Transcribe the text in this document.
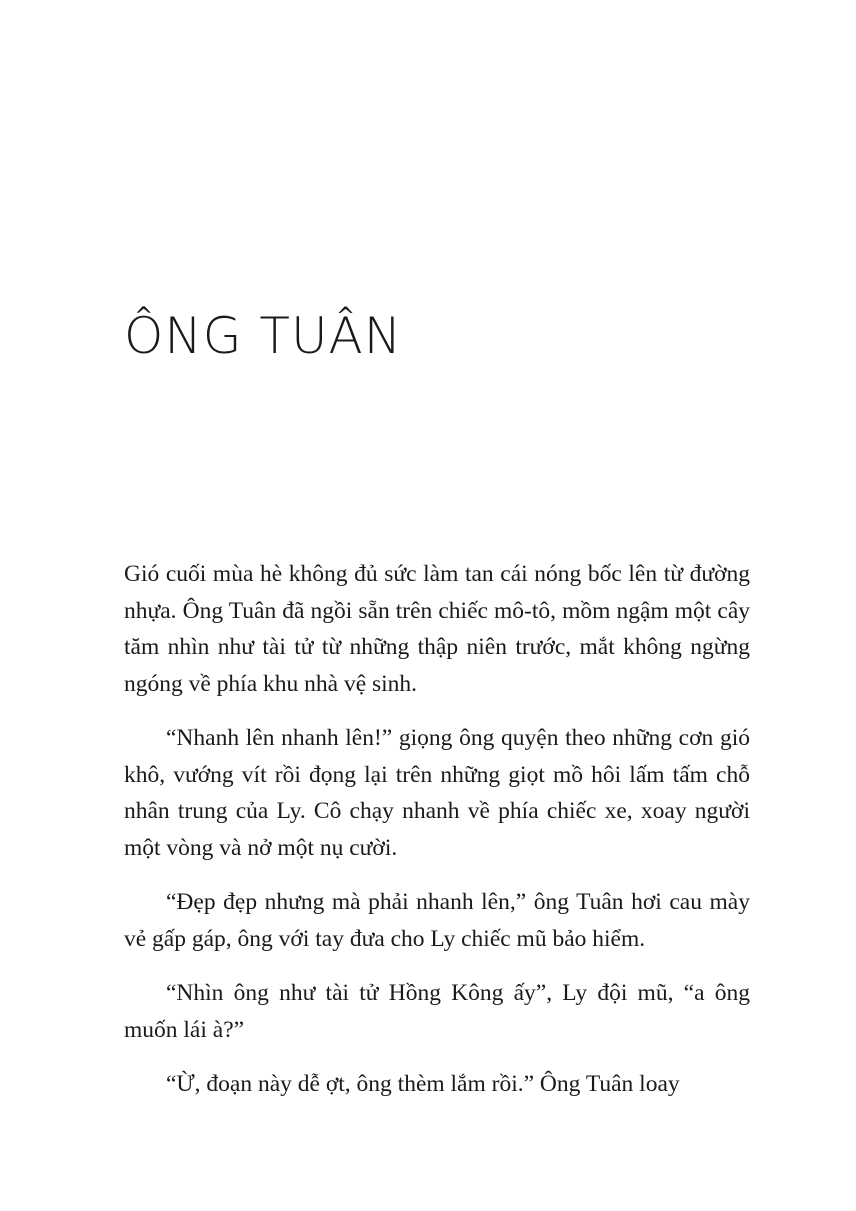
ÔNG TUÂN

Gió cuối mùa hè không đủ sức làm tan cái nóng bốc lên từ đường nhựa. Ông Tuân đã ngồi sẵn trên chiếc mô-tô, mồm ngậm một cây tăm nhìn như tài tử từ những thập niên trước, mắt không ngừng ngóng về phía khu nhà vệ sinh.

“Nhanh lên nhanh lên!” giọng ông quyện theo những cơn gió khô, vướng vít rồi đọng lại trên những giọt mồ hôi lấm tấm chỗ nhân trung của Ly. Cô chạy nhanh về phía chiếc xe, xoay người một vòng và nở một nụ cười.

“Đẹp đẹp nhưng mà phải nhanh lên,” ông Tuân hơi cau mày vẻ gấp gáp, ông với tay đưa cho Ly chiếc mũ bảo hiểm.

“Nhìn ông như tài tử Hồng Kông ấy”, Ly đội mũ, “a ông muốn lái à?”

“Ừ, đoạn này dễ ợt, ông thèm lắm rồi.” Ông Tuân loay
